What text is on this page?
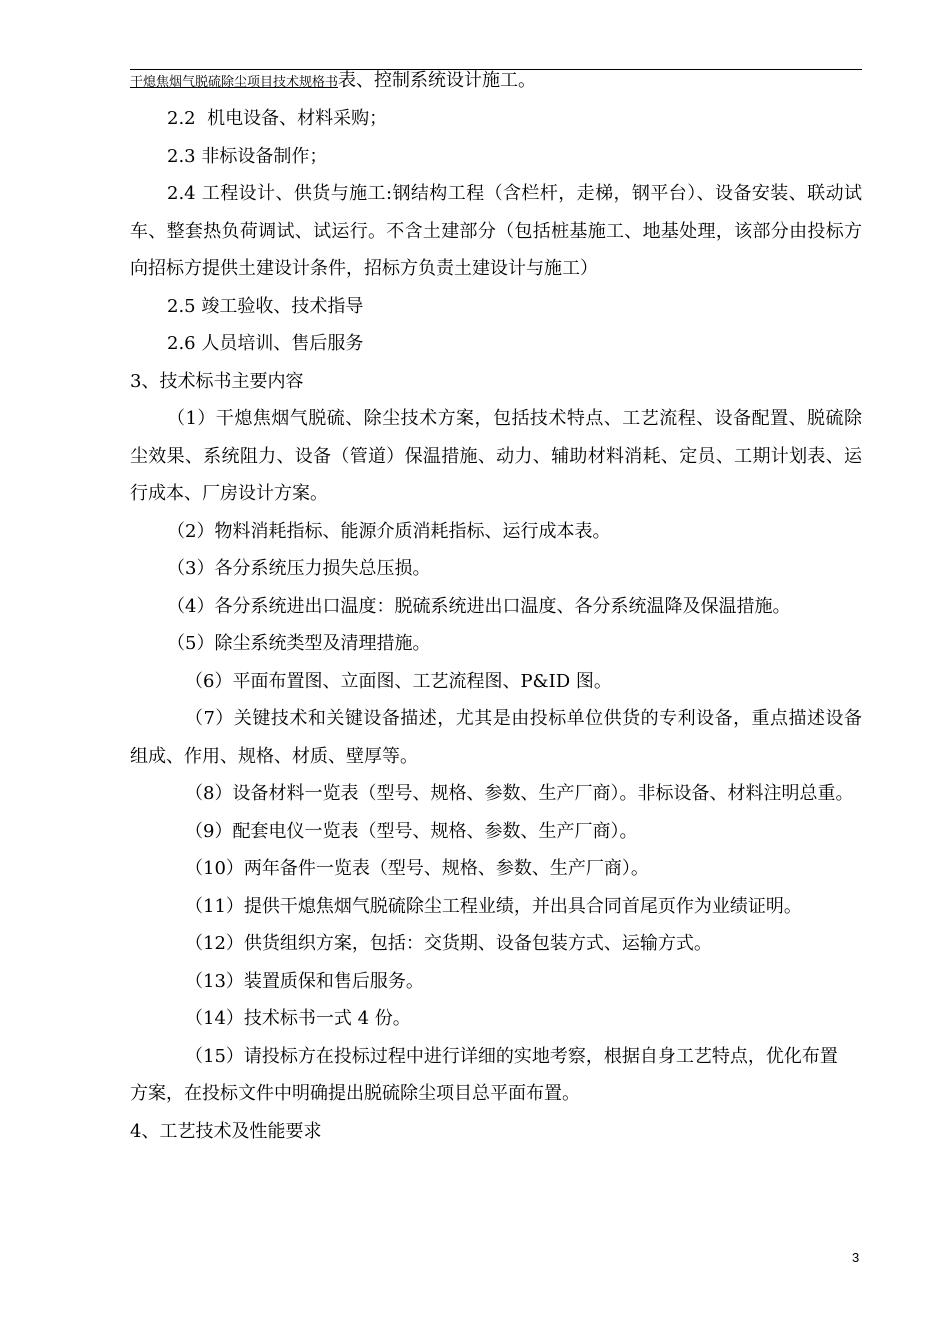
干熄焦烟气脱硫除尘项目技术规格书表、控制系统设计施工。

2.2  机电设备、材料采购；

2.3 非标设备制作；

2.4 工程设计、供货与施工:钢结构工程（含栏杆，走梯，钢平台）、设备安装、联动试车、整套热负荷调试、试运行。不含土建部分（包括桩基施工、地基处理，该部分由投标方向招标方提供土建设计条件，招标方负责土建设计与施工）

2.5 竣工验收、技术指导

2.6 人员培训、售后服务

3、技术标书主要内容

（1）干熄焦烟气脱硫、除尘技术方案，包括技术特点、工艺流程、设备配置、脱硫除尘效果、系统阻力、设备（管道）保温措施、动力、辅助材料消耗、定员、工期计划表、运行成本、厂房设计方案。

（2）物料消耗指标、能源介质消耗指标、运行成本表。

（3）各分系统压力损失总压损。

（4）各分系统进出口温度：脱硫系统进出口温度、各分系统温降及保温措施。

（5）除尘系统类型及清理措施。

（6）平面布置图、立面图、工艺流程图、P&ID 图。

（7）关键技术和关键设备描述，尤其是由投标单位供货的专利设备，重点描述设备组成、作用、规格、材质、壁厚等。

（8）设备材料一览表（型号、规格、参数、生产厂商）。非标设备、材料注明总重。

（9）配套电仪一览表（型号、规格、参数、生产厂商）。

（10）两年备件一览表（型号、规格、参数、生产厂商）。

（11）提供干熄焦烟气脱硫除尘工程业绩，并出具合同首尾页作为业绩证明。

（12）供货组织方案，包括：交货期、设备包装方式、运输方式。

（13）装置质保和售后服务。

（14）技术标书一式 4 份。

（15）请投标方在投标过程中进行详细的实地考察，根据自身工艺特点，优化布置

方案，在投标文件中明确提出脱硫除尘项目总平面布置。

4、工艺技术及性能要求

3
